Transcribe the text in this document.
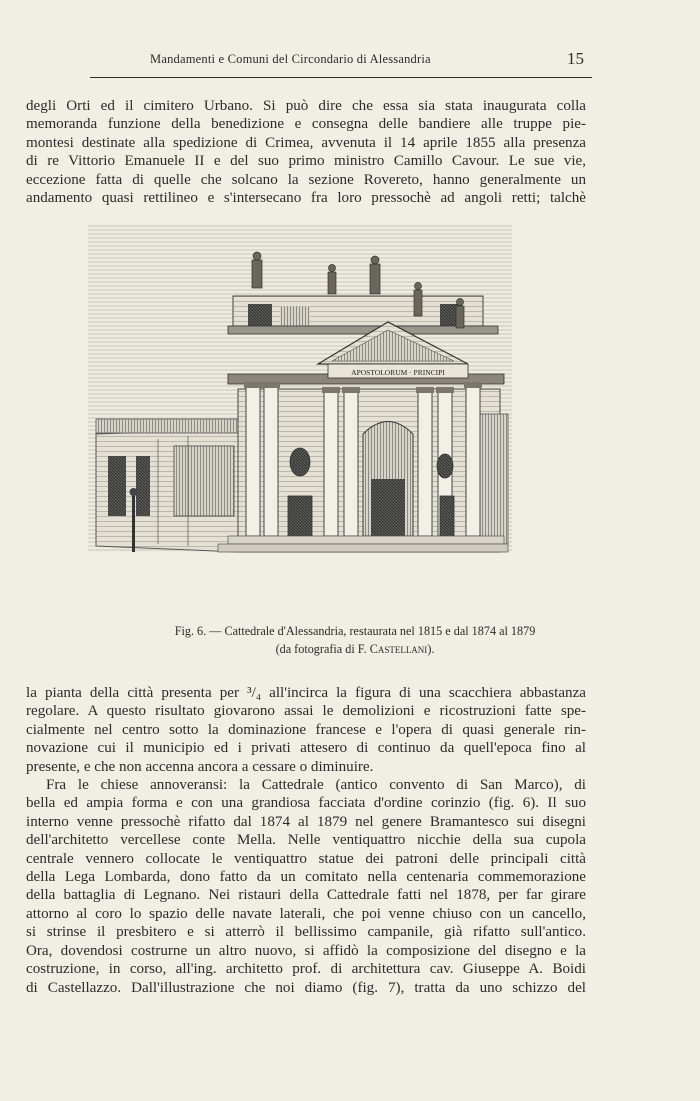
Mandamenti e Comuni del Circondario di Alessandria	15
degli Orti ed il cimitero Urbano. Si può dire che essa sia stata inaugurata colla
memoranda funzione della benedizione e consegna delle bandiere alle truppe pie-
montesi destinate alla spedizione di Crimea, avvenuta il 14 aprile 1855 alla presenza
di re Vittorio Emanuele II e del suo primo ministro Camillo Cavour. Le sue vie,
eccezione fatta di quelle che solcano la sezione Rovereto, hanno generalmente un
andamento quasi rettilineo e s'intersecano fra loro pressochè ad angoli retti; talchè
APOSTOLORUM · PRINCIPI
Fig. 6. — Cattedrale d'Alessandria, restaurata nel 1815 e dal 1874 al 1879
(da fotografia di F. Castellani).
la pianta della città presenta per ³/₄ all'incirca la figura di una scacchiera abbastanza
regolare. A questo risultato giovarono assai le demolizioni e ricostruzioni fatte spe-
cialmente nel centro sotto la dominazione francese e l'opera di quasi generale rin-
novazione cui il municipio ed i privati attesero di continuo da quell'epoca fino al
presente, e che non accenna ancora a cessare o diminuire.
Fra le chiese annoveransi: la Cattedrale (antico convento di San Marco), di
bella ed ampia forma e con una grandiosa facciata d'ordine corinzio (fig. 6). Il suo
interno venne pressochè rifatto dal 1874 al 1879 nel genere Bramantesco sui disegni
dell'architetto vercellese conte Mella. Nelle ventiquattro nicchie della sua cupola
centrale vennero collocate le ventiquattro statue dei patroni delle principali città
della Lega Lombarda, dono fatto da un comitato nella centenaria commemorazione
della battaglia di Legnano. Nei ristauri della Cattedrale fatti nel 1878, per far girare
attorno al coro lo spazio delle navate laterali, che poi venne chiuso con un cancello,
si strinse il presbitero e si atterrò il bellissimo campanile, già rifatto sull'antico.
Ora, dovendosi costrurne un altro nuovo, si affidò la composizione del disegno e la
costruzione, in corso, all'ing. architetto prof. di architettura cav. Giuseppe A. Boidi
di Castellazzo. Dall'illustrazione che noi diamo (fig. 7), tratta da uno schizzo del
